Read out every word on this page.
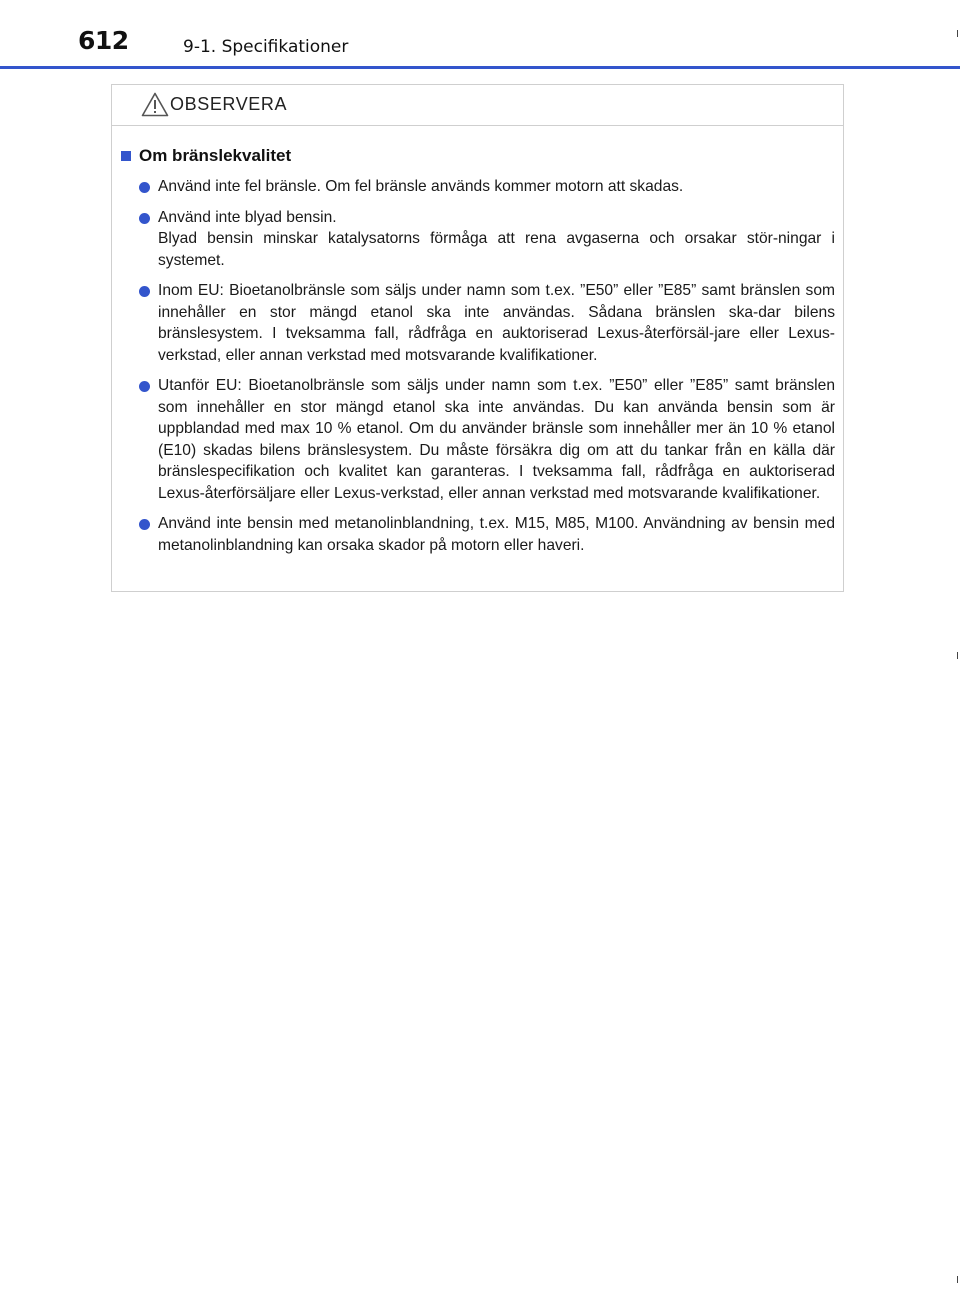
612	9-1. Specifikationer
OBSERVERA
Om bränslekvalitet
Använd inte fel bränsle. Om fel bränsle används kommer motorn att skadas.
Använd inte blyad bensin.
Blyad bensin minskar katalysatorns förmåga att rena avgaserna och orsakar stör-ningar i systemet.
Inom EU: Bioetanolbränsle som säljs under namn som t.ex. ”E50” eller ”E85” samt bränslen som innehåller en stor mängd etanol ska inte användas. Sådana bränslen ska-dar bilens bränslesystem. I tveksamma fall, rådfråga en auktoriserad Lexus-återförsäl-jare eller Lexus-verkstad, eller annan verkstad med motsvarande kvalifikationer.
Utanför EU: Bioetanolbränsle som säljs under namn som t.ex. ”E50” eller ”E85” samt bränslen som innehåller en stor mängd etanol ska inte användas. Du kan använda bensin som är uppblandad med max 10 % etanol. Om du använder bränsle som innehåller mer än 10 % etanol (E10) skadas bilens bränslesystem. Du måste försäkra dig om att du tankar från en källa där bränslespecifikation och kvalitet kan garanteras. I tveksamma fall, rådfråga en auktoriserad Lexus-återförsäljare eller Lexus-verkstad, eller annan verkstad med motsvarande kvalifikationer.
Använd inte bensin med metanolinblandning, t.ex. M15, M85, M100. Användning av bensin med metanolinblandning kan orsaka skador på motorn eller haveri.
